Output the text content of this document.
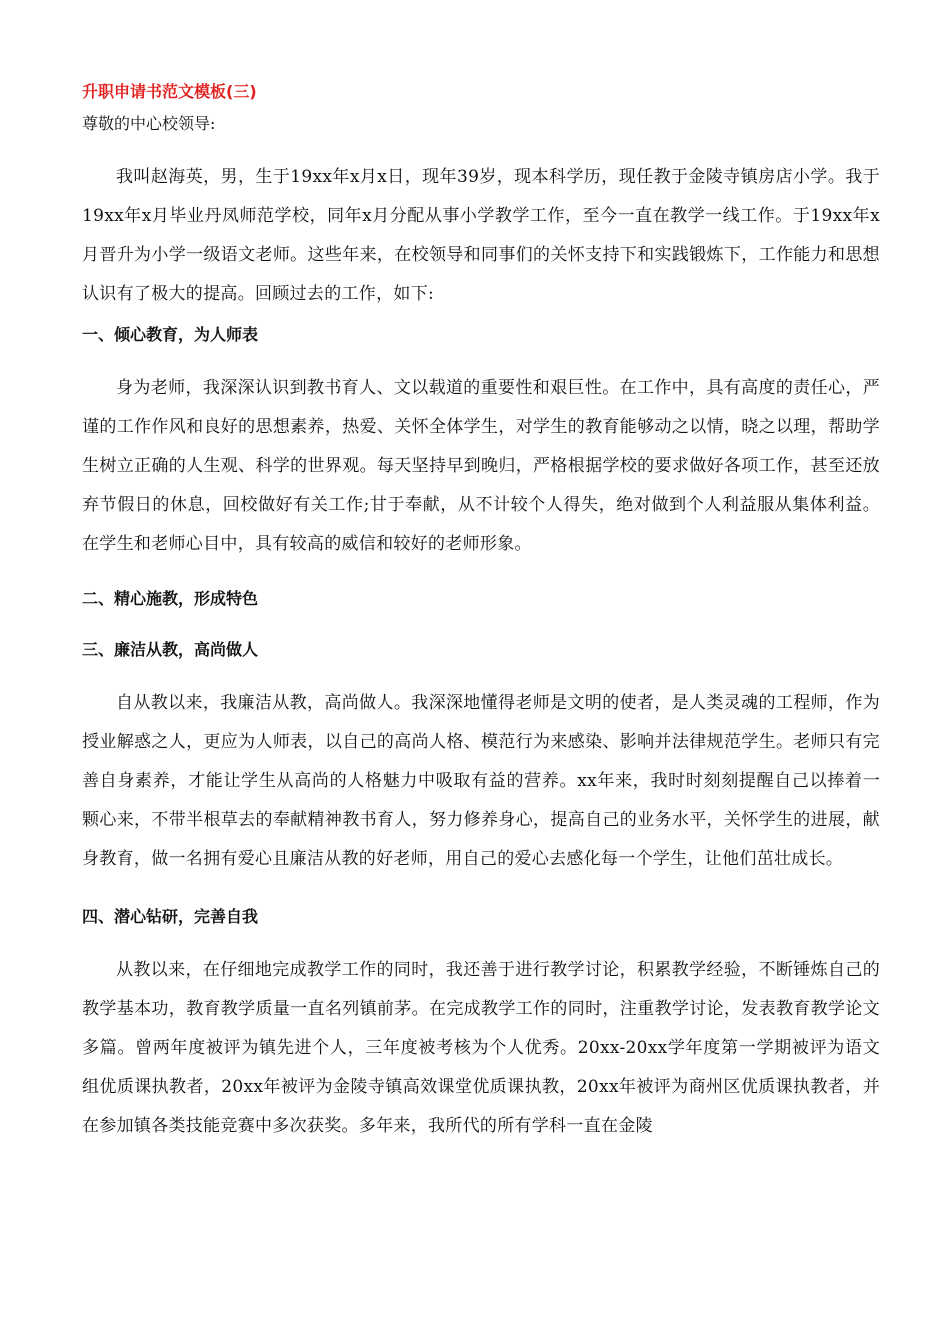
升职申请书范文模板(三)

尊敬的中心校领导:

我叫赵海英，男，生于19xx年x月x日，现年39岁，现本科学历，现任教于金陵寺镇房店小学。我于19xx年x月毕业丹凤师范学校，同年x月分配从事小学教学工作，至今一直在教学一线工作。于19xx年x月晋升为小学一级语文老师。这些年来，在校领导和同事们的关怀支持下和实践锻炼下，工作能力和思想认识有了极大的提高。回顾过去的工作，如下:

一、倾心教育，为人师表

身为老师，我深深认识到教书育人、文以载道的重要性和艰巨性。在工作中，具有高度的责任心，严谨的工作作风和良好的思想素养，热爱、关怀全体学生，对学生的教育能够动之以情，晓之以理，帮助学生树立正确的人生观、科学的世界观。每天坚持早到晚归，严格根据学校的要求做好各项工作，甚至还放弃节假日的休息，回校做好有关工作;甘于奉献，从不计较个人得失，绝对做到个人利益服从集体利益。在学生和老师心目中，具有较高的威信和较好的老师形象。

二、精心施教，形成特色
三、廉洁从教，高尚做人

自从教以来，我廉洁从教，高尚做人。我深深地懂得老师是文明的使者，是人类灵魂的工程师，作为授业解惑之人，更应为人师表，以自己的高尚人格、模范行为来感染、影响并法律规范学生。老师只有完善自身素养，才能让学生从高尚的人格魅力中吸取有益的营养。xx年来，我时时刻刻提醒自己以捧着一颗心来，不带半根草去的奉献精神教书育人，努力修养身心，提高自己的业务水平，关怀学生的进展，献身教育，做一名拥有爱心且廉洁从教的好老师，用自己的爱心去感化每一个学生，让他们茁壮成长。

四、潜心钻研，完善自我

从教以来，在仔细地完成教学工作的同时，我还善于进行教学讨论，积累教学经验，不断锤炼自己的教学基本功，教育教学质量一直名列镇前茅。在完成教学工作的同时，注重教学讨论，发表教育教学论文多篇。曾两年度被评为镇先进个人，三年度被考核为个人优秀。20xx-20xx学年度第一学期被评为语文组优质课执教者，20xx年被评为金陵寺镇高效课堂优质课执教，20xx年被评为商州区优质课执教者，并在参加镇各类技能竞赛中多次获奖。多年来，我所代的所有学科一直在金陵
